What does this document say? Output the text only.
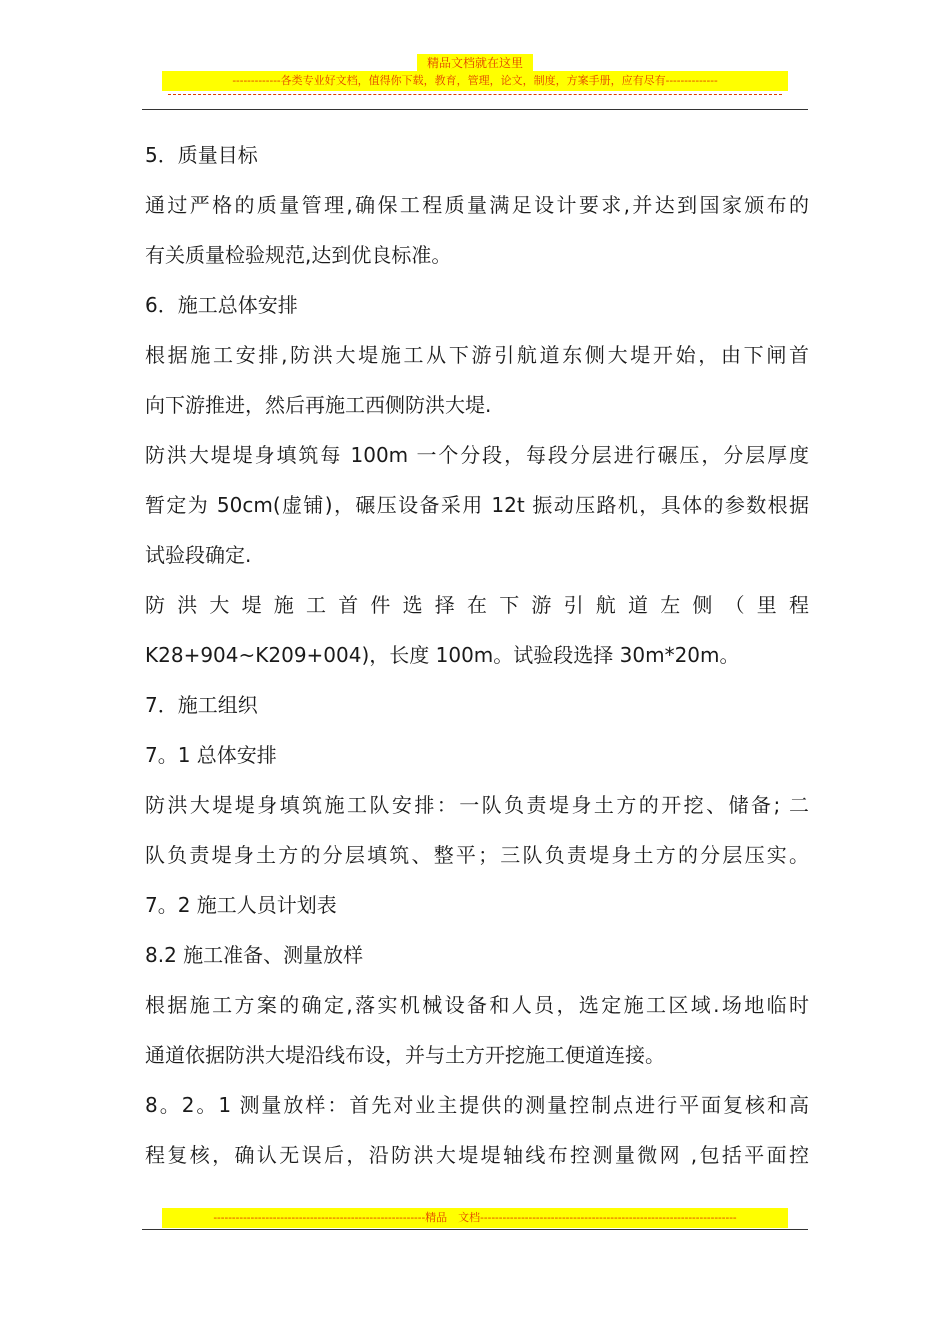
精品文档就在这里
-------------各类专业好文档，值得你下载，教育，管理，论文，制度，方案手册，应有尽有--------------
5．质量目标
通过严格的质量管理,确保工程质量满足设计要求,并达到国家颁布的
有关质量检验规范,达到优良标准。
6．施工总体安排
根据施工安排,防洪大堤施工从下游引航道东侧大堤开始，由下闸首
向下游推进，然后再施工西侧防洪大堤.
防洪大堤堤身填筑每 100m 一个分段，每段分层进行碾压，分层厚度
暂定为 50cm(虚铺)，碾压设备采用 12t 振动压路机，具体的参数根据
试验段确定.
防 洪 大 堤 施 工 首 件 选 择 在 下 游 引 航 道 左 侧 （ 里 程
K28+904~K209+004)，长度 100m。试验段选择 30m*20m。
7．施工组织
7。1 总体安排
防洪大堤堤身填筑施工队安排：一队负责堤身土方的开挖、储备; 二
队负责堤身土方的分层填筑、整平；三队负责堤身土方的分层压实。
7。2 施工人员计划表
8.2 施工准备、测量放样
根据施工方案的确定,落实机械设备和人员，选定施工区域.场地临时
通道依据防洪大堤沿线布设，并与土方开挖施工便道连接。
8。2。1 测量放样：首先对业主提供的测量控制点进行平面复核和高
程复核，确认无误后，沿防洪大堤堤轴线布控测量微网 ,包括平面控
---------------------------------------------------------精品　文档---------------------------------------------------------------------
